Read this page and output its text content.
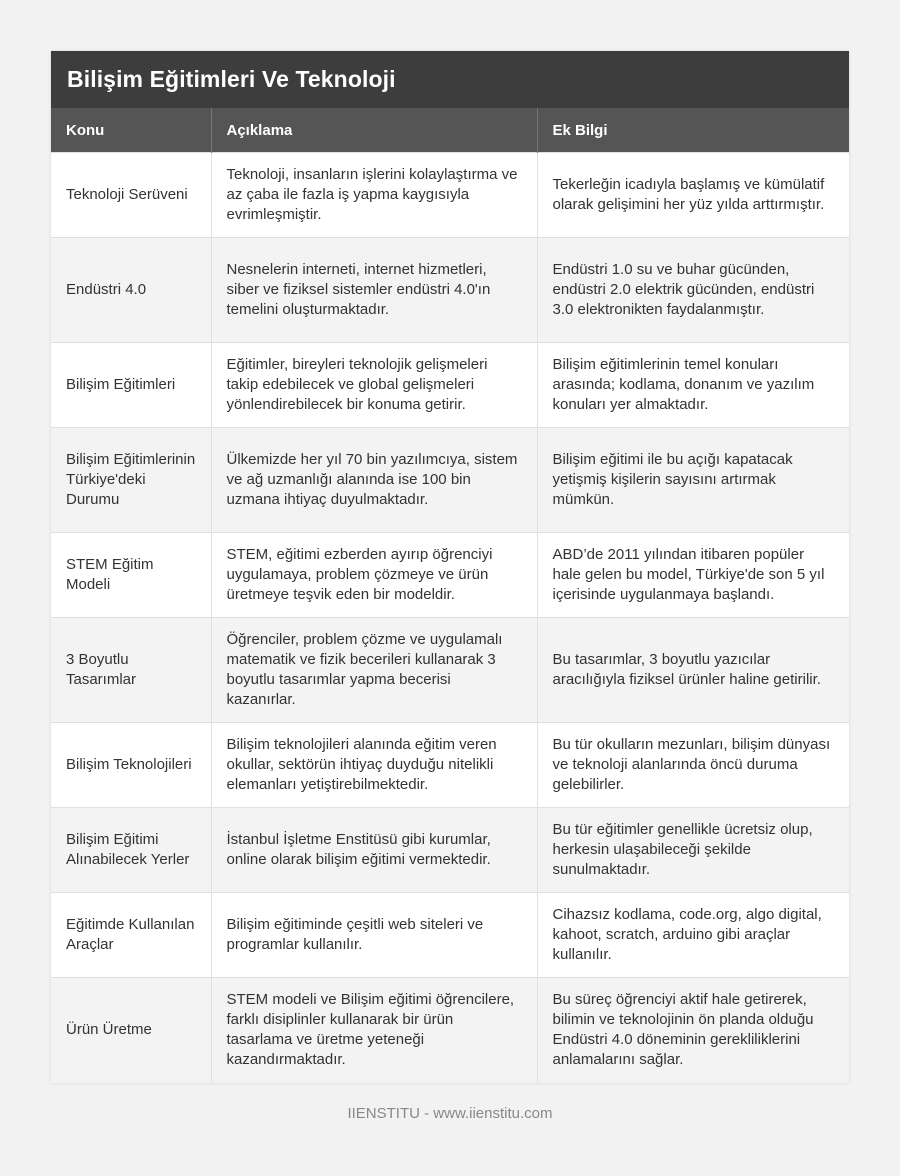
Bilişim Eğitimleri Ve Teknoloji
Konu	Açıklama	Ek Bilgi
Teknoloji Serüveni	Teknoloji, insanların işlerini kolaylaştırma ve az çaba ile fazla iş yapma kaygısıyla evrimleşmiştir.	Tekerleğin icadıyla başlamış ve kümülatif olarak gelişimini her yüz yılda arttırmıştır.
Endüstri 4.0	Nesnelerin interneti, internet hizmetleri, siber ve fiziksel sistemler endüstri 4.0'ın temelini oluşturmaktadır.	Endüstri 1.0 su ve buhar gücünden, endüstri 2.0 elektrik gücünden, endüstri 3.0 elektronikten faydalanmıştır.
Bilişim Eğitimleri	Eğitimler, bireyleri teknolojik gelişmeleri takip edebilecek ve global gelişmeleri yönlendirebilecek bir konuma getirir.	Bilişim eğitimlerinin temel konuları arasında; kodlama, donanım ve yazılım konuları yer almaktadır.
Bilişim Eğitimlerinin Türkiye'deki Durumu	Ülkemizde her yıl 70 bin yazılımcıya, sistem ve ağ uzmanlığı alanında ise 100 bin uzmana ihtiyaç duyulmaktadır.	Bilişim eğitimi ile bu açığı kapatacak yetişmiş kişilerin sayısını artırmak mümkün.
STEM Eğitim Modeli	STEM, eğitimi ezberden ayırıp öğrenciyi uygulamaya, problem çözmeye ve ürün üretmeye teşvik eden bir modeldir.	ABD’de 2011 yılından itibaren popüler hale gelen bu model, Türkiye'de son 5 yıl içerisinde uygulanmaya başlandı.
3 Boyutlu Tasarımlar	Öğrenciler, problem çözme ve uygulamalı matematik ve fizik becerileri kullanarak 3 boyutlu tasarımlar yapma becerisi kazanırlar.	Bu tasarımlar, 3 boyutlu yazıcılar aracılığıyla fiziksel ürünler haline getirilir.
Bilişim Teknolojileri	Bilişim teknolojileri alanında eğitim veren okullar, sektörün ihtiyaç duyduğu nitelikli elemanları yetiştirebilmektedir.	Bu tür okulların mezunları, bilişim dünyası ve teknoloji alanlarında öncü duruma gelebilirler.
Bilişim Eğitimi Alınabilecek Yerler	İstanbul İşletme Enstitüsü gibi kurumlar, online olarak bilişim eğitimi vermektedir.	Bu tür eğitimler genellikle ücretsiz olup, herkesin ulaşabileceği şekilde sunulmaktadır.
Eğitimde Kullanılan Araçlar	Bilişim eğitiminde çeşitli web siteleri ve programlar kullanılır.	Cihazsız kodlama, code.org, algo digital, kahoot, scratch, arduino gibi araçlar kullanılır.
Ürün Üretme	STEM modeli ve Bilişim eğitimi öğrencilere, farklı disiplinler kullanarak bir ürün tasarlama ve üretme yeteneği kazandırmaktadır.	Bu süreç öğrenciyi aktif hale getirerek, bilimin ve teknolojinin ön planda olduğu Endüstri 4.0 döneminin gerekliliklerini anlamalarını sağlar.
IIENSTITU - www.iienstitu.com
